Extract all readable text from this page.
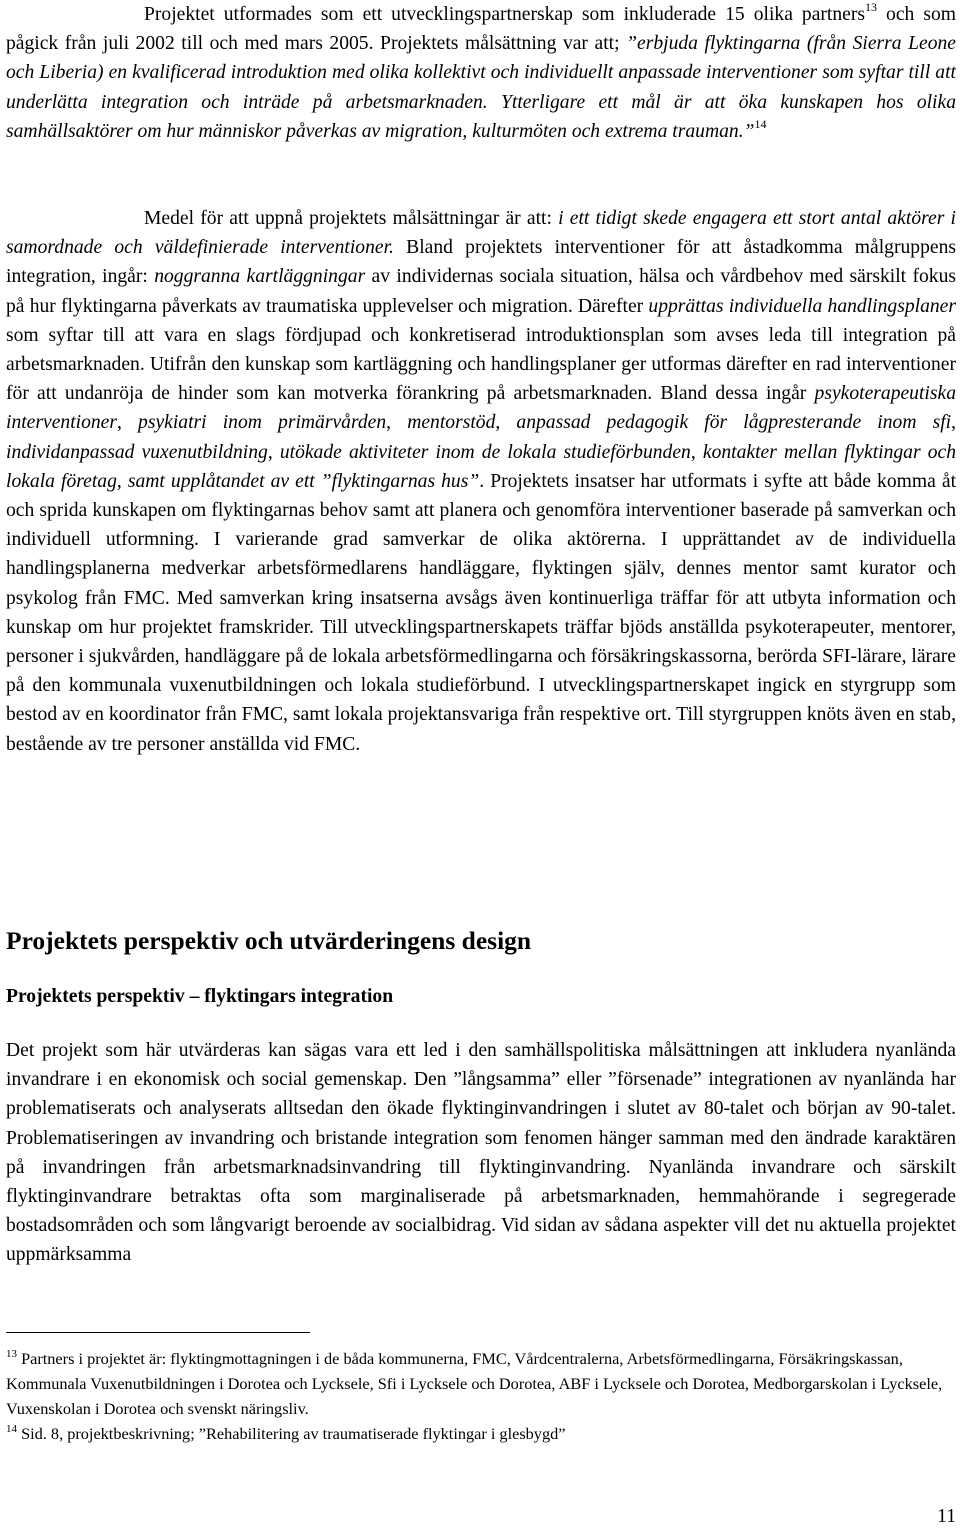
Projektet utformades som ett utvecklingspartnerskap som inkluderade 15 olika partners$^{13}$ och som pågick från juli 2002 till och med mars 2005. Projektets målsättning var att; ”erbjuda flyktingarna (från Sierra Leone och Liberia) en kvalificerad introduktion med olika kollektivt och individuellt anpassade interventioner som syftar till att underlätta integration och inträde på arbetsmarknaden. Ytterligare ett mål är att öka kunskapen hos olika samhällsaktörer om hur människor påverkas av migration, kulturmöten och extrema trauman.”$^{14}$

Medel för att uppnå projektets målsättningar är att: i ett tidigt skede engagera ett stort antal aktörer i samordnade och väldefinierade interventioner. Bland projektets interventioner för att åstadkomma målgruppens integration, ingår: noggranna kartläggningar av individernas sociala situation, hälsa och vårdbehov med särskilt fokus på hur flyktingarna påverkats av traumatiska upplevelser och migration. Därefter upprättas individuella handlingsplaner som syftar till att vara en slags fördjupad och konkretiserad introduktionsplan som avses leda till integration på arbetsmarknaden. Utifrån den kunskap som kartläggning och handlingsplaner ger utformas därefter en rad interventioner för att undanröja de hinder som kan motverka förankring på arbetsmarknaden. Bland dessa ingår psykoterapeutiska interventioner, psykiatri inom primärvården, mentorstöd, anpassad pedagogik för lågpresterande inom sfi, individanpassad vuxenutbildning, utökade aktiviteter inom de lokala studieförbunden, kontakter mellan flyktingar och lokala företag, samt upplåtandet av ett ”flyktingarnas hus”. Projektets insatser har utformats i syfte att både komma åt och sprida kunskapen om flyktingarnas behov samt att planera och genomföra interventioner baserade på samverkan och individuell utformning. I varierande grad samverkar de olika aktörerna. I upprättandet av de individuella handlingsplanerna medverkar arbetsförmedlarens handläggare, flyktingen själv, dennes mentor samt kurator och psykolog från FMC. Med samverkan kring insatserna avsågs även kontinuerliga träffar för att utbyta information och kunskap om hur projektet framskrider. Till utvecklingspartnerskapets träffar bjöds anställda psykoterapeuter, mentorer, personer i sjukvården, handläggare på de lokala arbetsförmedlingarna och försäkringskassorna, berörda SFI-lärare, lärare på den kommunala vuxenutbildningen och lokala studieförbund. I utvecklingspartnerskapet ingick en styrgrupp som bestod av en koordinator från FMC, samt lokala projektansvariga från respektive ort. Till styrgruppen knöts även en stab, bestående av tre personer anställda vid FMC.

Projektets perspektiv och utvärderingens design
Projektets perspektiv – flyktingars integration

Det projekt som här utvärderas kan sägas vara ett led i den samhällspolitiska målsättningen att inkludera nyanlända invandrare i en ekonomisk och social gemenskap. Den ”långsamma” eller ”försenade” integrationen av nyanlända har problematiserats och analyserats alltsedan den ökade flyktinginvandringen i slutet av 80-talet och början av 90-talet. Problematiseringen av invandring och bristande integration som fenomen hänger samman med den ändrade karaktären på invandringen från arbetsmarknadsinvandring till flyktinginvandring. Nyanlända invandrare och särskilt flyktinginvandrare betraktas ofta som marginaliserade på arbetsmarknaden, hemmahörande i segregerade bostadsområden och som långvarigt beroende av socialbidrag. Vid sidan av sådana aspekter vill det nu aktuella projektet uppmärksamma

$^{13}$ Partners i projektet är: flyktingmottagningen i de båda kommunerna, FMC, Vårdcentralerna, Arbetsförmedlingarna, Försäkringskassan, Kommunala Vuxenutbildningen i Dorotea och Lycksele, Sfi i Lycksele och Dorotea, ABF i Lycksele och Dorotea, Medborgarskolan i Lycksele, Vuxenskolan i Dorotea och svenskt näringsliv.

$^{14}$ Sid. 8, projektbeskrivning; ”Rehabilitering av traumatiserade flyktingar i glesbygd”

11
